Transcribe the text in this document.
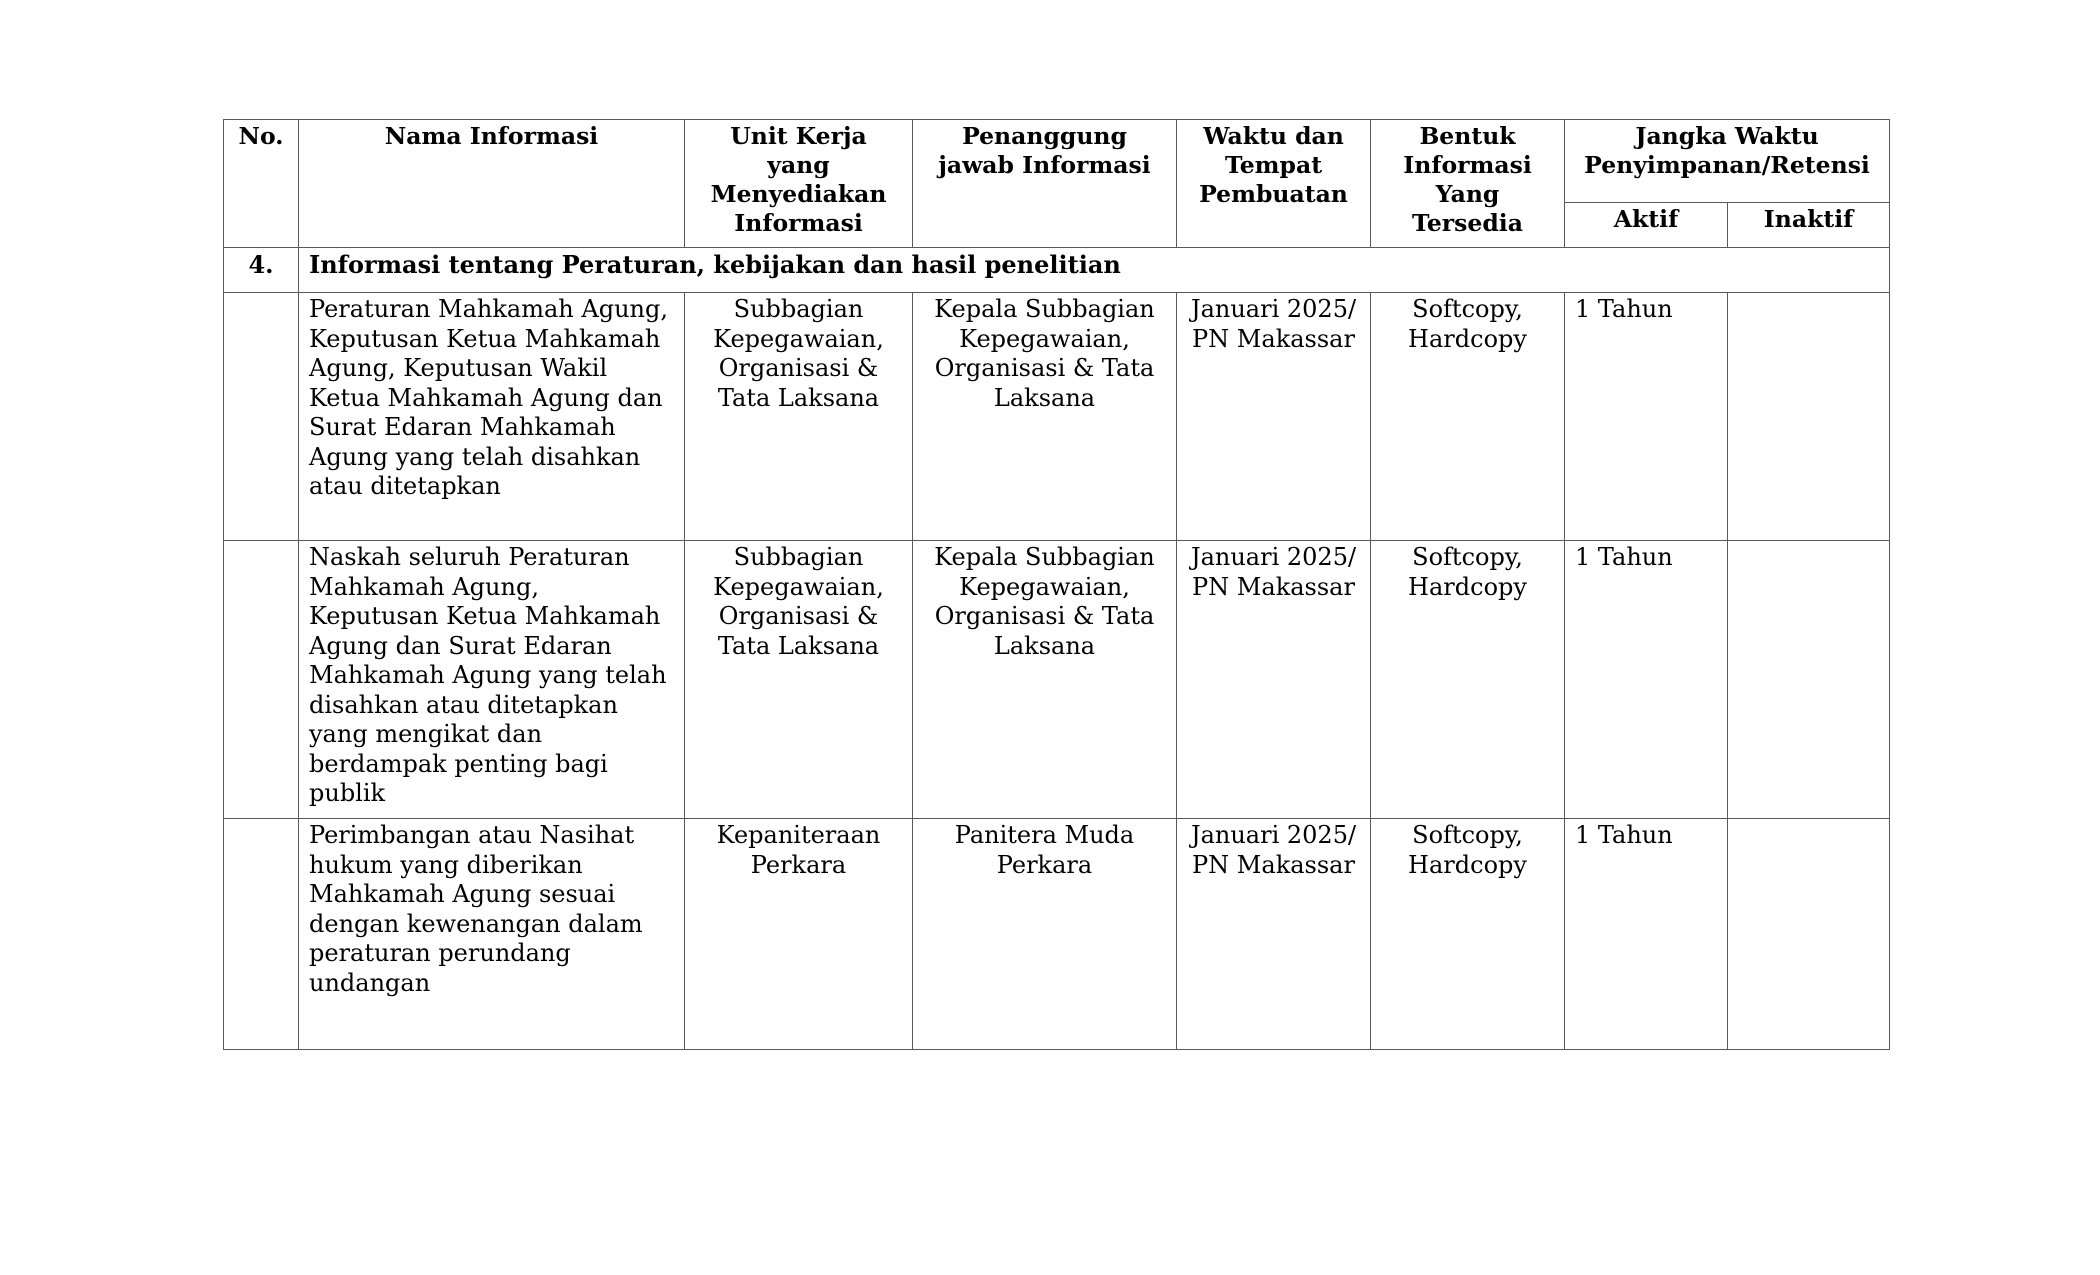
No.	Nama Informasi	Unit Kerja yang Menyediakan Informasi	Penanggung jawab Informasi	Waktu dan Tempat Pembuatan	Bentuk Informasi Yang Tersedia	Jangka Waktu Penyimpanan/Retensi	
						Aktif	Inaktif
4.	Informasi tentang Peraturan, kebijakan dan hasil penelitian						
	Peraturan Mahkamah Agung, Keputusan Ketua Mahkamah Agung, Keputusan Wakil Ketua Mahkamah Agung dan Surat Edaran Mahkamah Agung yang telah disahkan atau ditetapkan	Subbagian Kepegawaian, Organisasi & Tata Laksana	Kepala Subbagian Kepegawaian, Organisasi & Tata Laksana	Januari 2025/ PN Makassar	Softcopy, Hardcopy	1 Tahun	
	Naskah seluruh Peraturan Mahkamah Agung, Keputusan Ketua Mahkamah Agung dan Surat Edaran Mahkamah Agung yang telah disahkan atau ditetapkan yang mengikat dan berdampak penting bagi publik	Subbagian Kepegawaian, Organisasi & Tata Laksana	Kepala Subbagian Kepegawaian, Organisasi & Tata Laksana	Januari 2025/ PN Makassar	Softcopy, Hardcopy	1 Tahun	
	Perimbangan atau Nasihat hukum yang diberikan Mahkamah Agung sesuai dengan kewenangan dalam peraturan perundang undangan	Kepaniteraan Perkara	Panitera Muda Perkara	Januari 2025/ PN Makassar	Softcopy, Hardcopy	1 Tahun	
